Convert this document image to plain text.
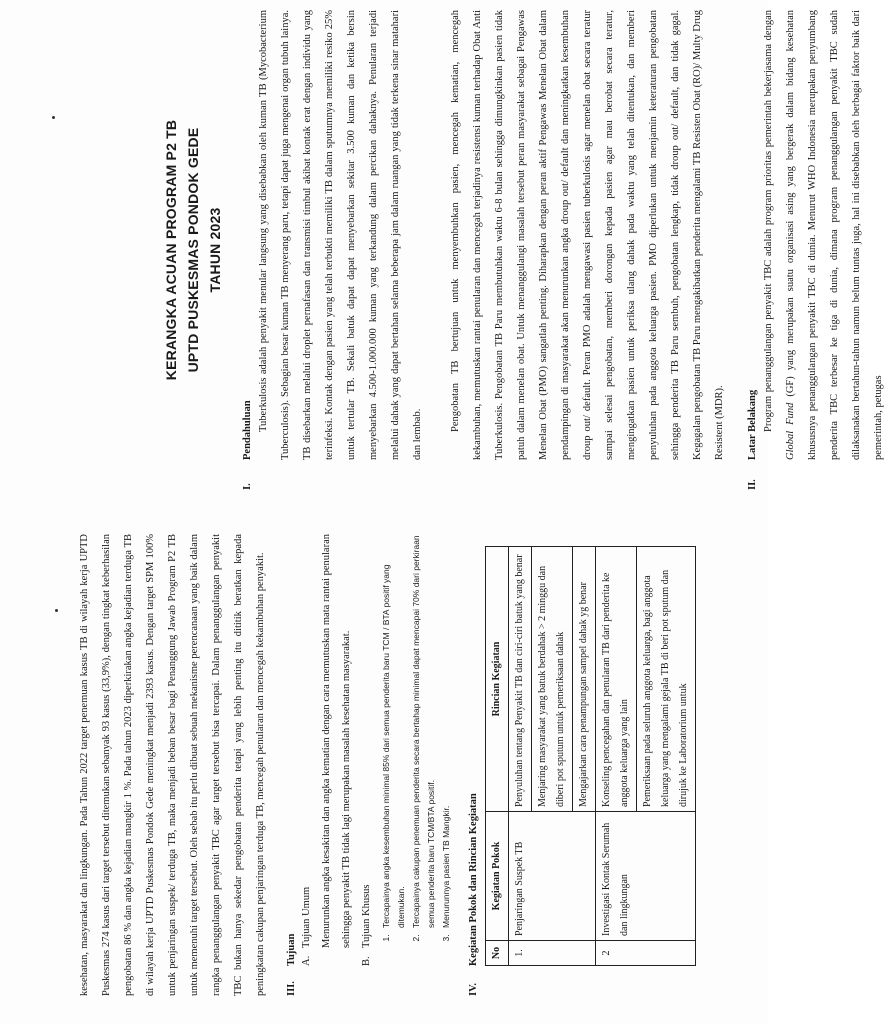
kesehatan, masyarakat dan lingkungan. Pada Tahun 2022 target penemuan kasus TB di wilayah kerja UPTD Puskesmas 274 kasus dari target tersebut ditemukan sebanyak 93 kasus (33,9%), dengan tingkat keberhasilan pengobatan 86 % dan angka kejadian mangkir 1 %. Pada tahun 2023 diperkirakan angka kejadian terduga TB di wilayah kerja UPTD Puskesmas Pondok Gede meningkat menjadi 2393 kasus. Dengan target SPM 100% untuk penjaringan suspek/ terduga TB, maka menjadi beban besar bagi Penanggung Jawab Program P2 TB untuk memenuhi target tersebut. Oleh sebab itu perlu dibuat sebuah mekanisme perencanaan yang baik dalam rangka penanggulangan penyakit TBC agar target tersebut bisa tercapai. Dalam penanggulangan penyakit TBC bukan hanya sekedar pengobatan penderita tetapi yang lebih penting itu dititik beratkan kepada peningkatan cakupan penjaringan terduga TB, mencegah penularan dan mencegah kekambuhan penyakit.	III.Tujuan A.Tujuan Umum Menurunkan angka kesakitan dan angka kematian dengan cara memutuskan mata rantai penularan sehingga penyakit TB tidak lagi merupakan masalah kesehatan masyarakat.

B.Tujuan Khusus	1. Tercapainya angka kesembuhan minimal 85% dari semua penderita baru TCM / BTA positif yang ditemukan. 2. Tercapainya cakupan penemuan penderita secara bertahap minimal dapat mencapai 70% dari perkiraan semua penderita baru TCM/BTA positif. 3. Menurunnya pasien TB Mangkir.
IV.Kegiatan Pokok dan Rincian Kegiatan No	Kegiatan Pokok	Rincian Kegiatan
1.	Penjaringan Suspek TB	Penyuluhan tentang Penyakit TB dan ciri-ciri batuk yang benar
		Menjaring masyarakat yang batuk berdahak > 2 minggu dan diberi pot sputum untuk pemeriksaan dahak
		Mengajarkan cara penampungan sampel dahak yg benar
2	Investigasi Kontak Serumah dan lingkungan	Konseling pencegahan dan penularan TB dari penderita ke anggota keluarga yang lain
		Pemeriksaan pada seluruh anggota keluarga, bagi anggota keluarga yang mengalami gejala TB di beri pot sputum dan dirujuk ke Laboratorium untuk
KERANGKA ACUAN PROGRAM P2 TB UPTD PUSKESMAS PONDOK GEDE TAHUN 2023
I.Pendahuluan Tuberkulosis adalah penyakit menular langsung yang disebabkan oleh kuman TB (Mycobacterium Tuberculosis). Sebagian besar kuman TB menyerang paru, tetapi dapat juga mengenai organ tubuh lainya. TB disebarkan melalui droplet pernafasan dan transmisi timbul akibat kontak erat dengan individu yang terinfeksi. Kontak dengan pasien yang telah terbukti memiliki TB dalam sputumnya memiliki resiko 25% untuk tertular TB. Sekali batuk dapat dapat menyebarkan sekitar 3.500 kuman dan ketika bersin menyebarkan 4.500-1.000.000 kuman yang terkandung dalam percikan dahaknya. Penularan terjadi melalui dahak yang dapat bertahan selama beberapa jam dalam ruangan yang tidak terkena sinar matahari dan lembab.

Pengobatan TB bertujuan untuk menyembuhkan pasien, mencegah kematian, mencegah kekambuhan, memutuskan rantai penularan dan mencegah terjadinya resistensi kuman terhadap Obat Anti Tuberkulosis. Pengobatan TB Paru membutuhkan waktu 6-8 bulan sehingga dimungkinkan pasien tidak patuh dalam menelan obat. Untuk menanggulangi masalah tersebut peran masyarakat sebagai Pengawas Menelan Obat (PMO) sangatlah penting. Diharapkan dengan peran aktif Pengawas Menelan Obat dalam pendampingan di masyarakat akan menurunkan angka droup out/ default dan meningkatkan kesembuhan droup out/ default. Peran PMO adalah mengawasi pasien tuberkulosis agar menelan obat secara teratur sampai selesai pengobatan, memberi dorongan kepada pasien agar mau berobat secara teratur, mengingatkan pasien untuk periksa ulang dahak pada waktu yang telah ditentukan, dan memberi penyuluhan pada anggota keluarga pasien. PMO diperlukan untuk menjamin keteraturan pengobatan sehingga penderita TB Paru sembuh, pengobatan lengkap, tidak droup out/ default, dan tidak gagal. Kegagalan pengobatan TB Paru mengakibatkan penderita mengalami TB Resisten Obat (RO)/ Multy Drug Resistent (MDR).

II.Latar Belakang Program penanggulangan penyakit TBC adalah program prioritas pemerintah bekerjasama dengan Global Fund (GF) yang merupakan suatu organisasi asing yang bergerak dalam bidang kesehatan khususnya penanggulangan penyakit TBC di dunia. Menurut WHO Indonesia merupakan penyumbang penderita TBC terbesar ke tiga di dunia, dimana program penanggulangan penyakit TBC sudah dilaksanakan bertahun-tahun namun belum tuntas juga, hal ini disebabkan oleh berbagai faktor baik dari pemerintah, petugas
